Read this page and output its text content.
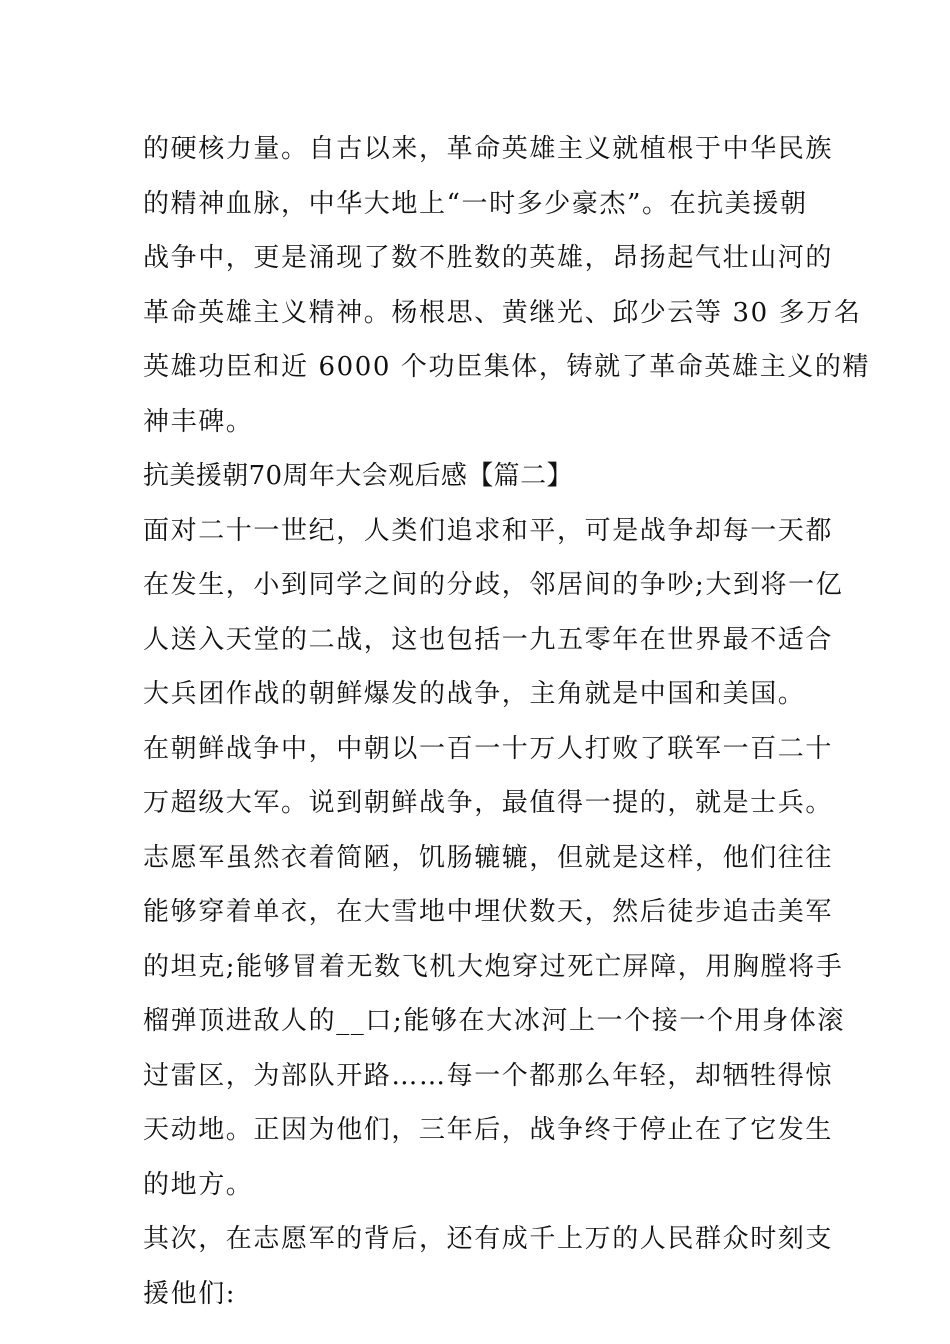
的硬核力量。自古以来，革命英雄主义就植根于中华民族
的精神血脉，中华大地上“一时多少豪杰”。在抗美援朝
战争中，更是涌现了数不胜数的英雄，昂扬起气壮山河的
革命英雄主义精神。杨根思、黄继光、邱少云等 30 多万名
英雄功臣和近 6000 个功臣集体，铸就了革命英雄主义的精
神丰碑。
抗美援朝70周年大会观后感【篇二】
面对二十一世纪，人类们追求和平，可是战争却每一天都
在发生，小到同学之间的分歧，邻居间的争吵;大到将一亿
人送入天堂的二战，这也包括一九五零年在世界最不适合
大兵团作战的朝鲜爆发的战争，主角就是中国和美国。
在朝鲜战争中，中朝以一百一十万人打败了联军一百二十
万超级大军。说到朝鲜战争，最值得一提的，就是士兵。
志愿军虽然衣着简陋，饥肠辘辘，但就是这样，他们往往
能够穿着单衣，在大雪地中埋伏数天，然后徒步追击美军
的坦克;能够冒着无数飞机大炮穿过死亡屏障，用胸膛将手
榴弹顶进敌人的__口;能够在大冰河上一个接一个用身体滚
过雷区，为部队开路……每一个都那么年轻，却牺牲得惊
天动地。正因为他们，三年后，战争终于停止在了它发生
的地方。
其次，在志愿军的背后，还有成千上万的人民群众时刻支
援他们:
